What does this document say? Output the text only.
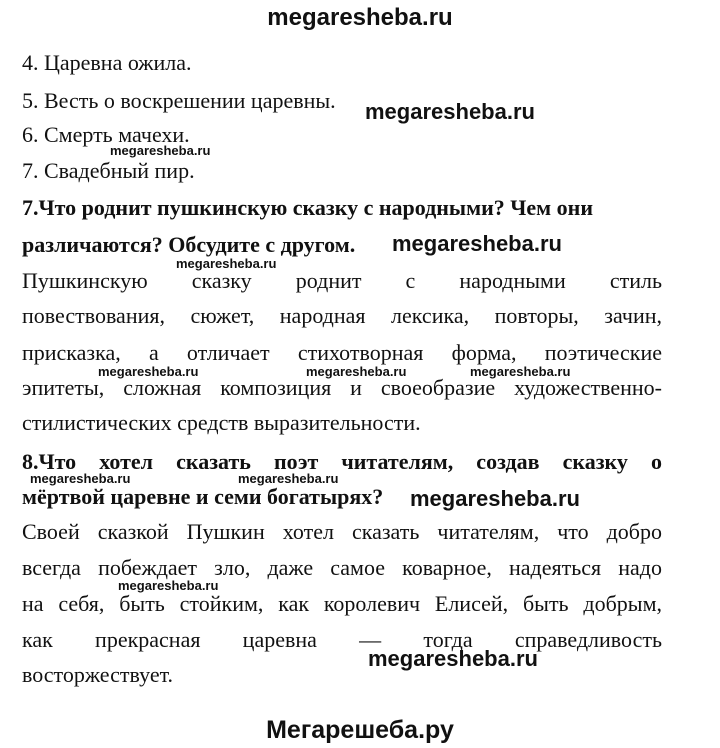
megaresheba.ru
4. Царевна ожила.
5. Весть о воскрешении царевны.
6. Смерть мачехи.
7. Свадебный пир.
7.Что роднит пушкинскую сказку с народными? Чем они
различаются? Обсудите с другом.
Пушкинскую сказку роднит с народными стиль
повествования, сюжет, народная лексика, повторы, зачин,
присказка, а отличает стихотворная форма, поэтические
эпитеты, сложная композиция и своеобразие художественно-
стилистических средств выразительности.
8.Что хотел сказать поэт читателям, создав сказку о
мёртвой царевне и семи богатырях?
Своей сказкой Пушкин хотел сказать читателям, что добро
всегда побеждает зло, даже самое коварное, надеяться надо
на себя, быть стойким, как королевич Елисей, быть добрым,
как прекрасная царевна — тогда справедливость
восторжествует.
megaresheba.ru
megaresheba.ru
megaresheba.ru
megaresheba.ru
megaresheba.ru	megaresheba.ru	megaresheba.ru
megaresheba.ru	megaresheba.ru
megaresheba.ru
megaresheba.ru
megaresheba.ru
Мегарешеба.ру
